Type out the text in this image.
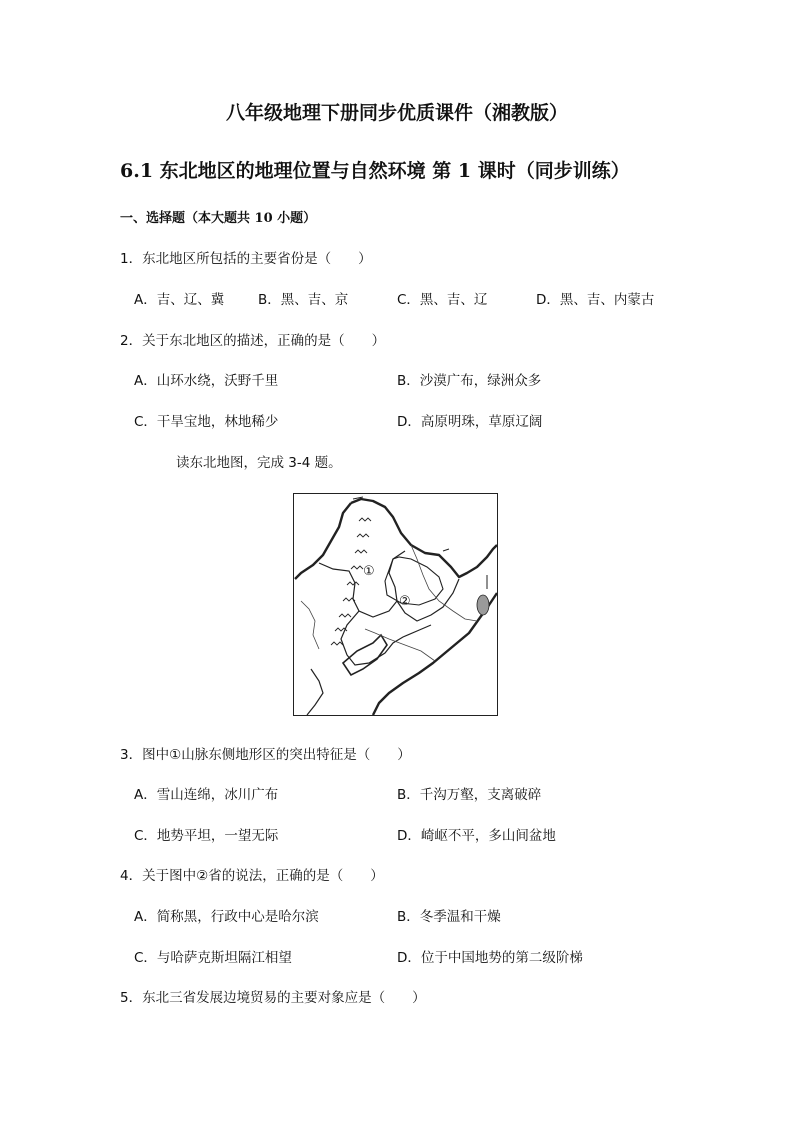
八年级地理下册同步优质课件（湘教版）
6.1 东北地区的地理位置与自然环境 第 1 课时（同步训练）
一、选择题（本大题共 10 小题）
1．东北地区所包括的主要省份是（　　）
A．吉、辽、冀	B．黑、吉、京	C．黑、吉、辽	D．黑、吉、内蒙古
2．关于东北地区的描述，正确的是（　　）
A．山环水绕，沃野千里	B．沙漠广布，绿洲众多
C．干旱宝地，林地稀少	D．高原明珠，草原辽阔
读东北地图，完成 3-4 题。
①
②
3．图中①山脉东侧地形区的突出特征是（　　）
A．雪山连绵，冰川广布	B．千沟万壑，支离破碎
C．地势平坦，一望无际	D．崎岖不平，多山间盆地
4．关于图中②省的说法，正确的是（　　）
A．简称黑，行政中心是哈尔滨	B．冬季温和干燥
C．与哈萨克斯坦隔江相望	D．位于中国地势的第二级阶梯
5．东北三省发展边境贸易的主要对象应是（　　）
